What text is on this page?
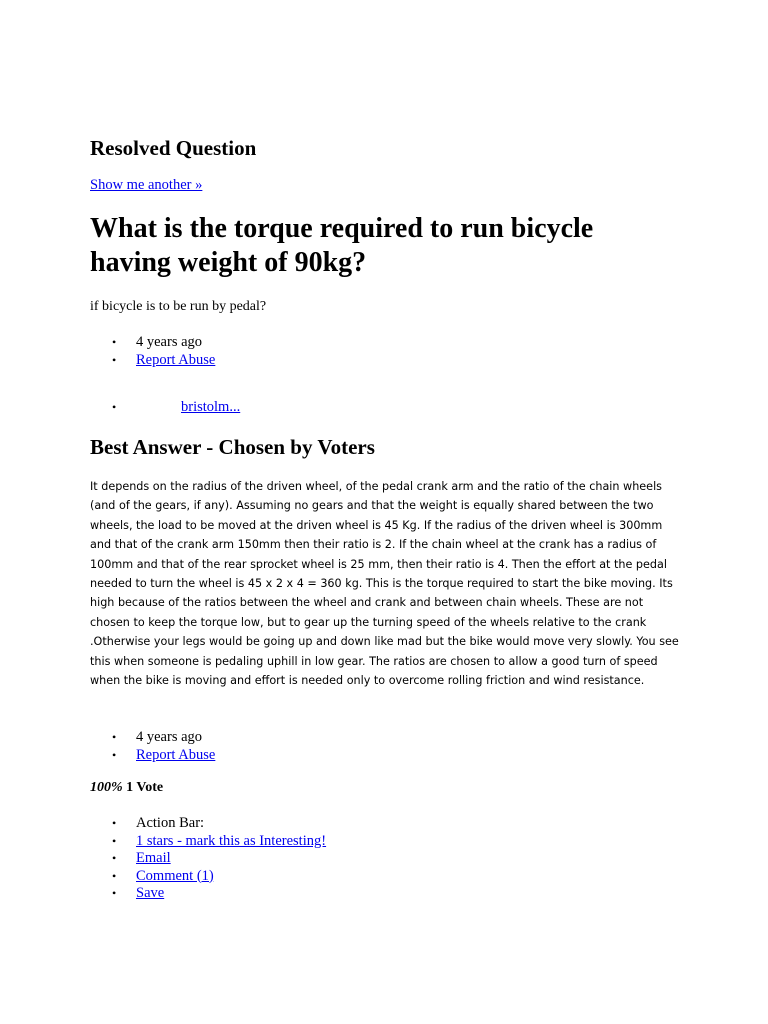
Resolved Question
Show me another »
What is the torque required to run bicycle having weight of 90kg?
if bicycle is to be run by pedal?
• 4 years ago
• Report Abuse
•	bristolm...
Best Answer - Chosen by Voters

It depends on the radius of the driven wheel, of the pedal crank arm and the ratio of the chain wheels (and of the gears, if any). Assuming no gears and that the weight is equally shared between the two wheels, the load to be moved at the driven wheel is 45 Kg. If the radius of the driven wheel is 300mm and that of the crank arm 150mm then their ratio is 2. If the chain wheel at the crank has a radius of 100mm and that of the rear sprocket wheel is 25 mm, then their ratio is 4. Then the effort at the pedal needed to turn the wheel is 45 x 2 x 4 = 360 kg. This is the torque required to start the bike moving. Its high because of the ratios between the wheel and crank and between chain wheels. These are not chosen to keep the torque low, but to gear up the turning speed of the wheels relative to the crank .Otherwise your legs would be going up and down like mad but the bike would move very slowly. You see this when someone is pedaling uphill in low gear. The ratios are chosen to allow a good turn of speed when the bike is moving and effort is needed only to overcome rolling friction and wind resistance.

• 4 years ago
• Report Abuse
100% 1 Vote
• Action Bar:
• 1 stars - mark this as Interesting!
• Email
• Comment (1)
• Save
